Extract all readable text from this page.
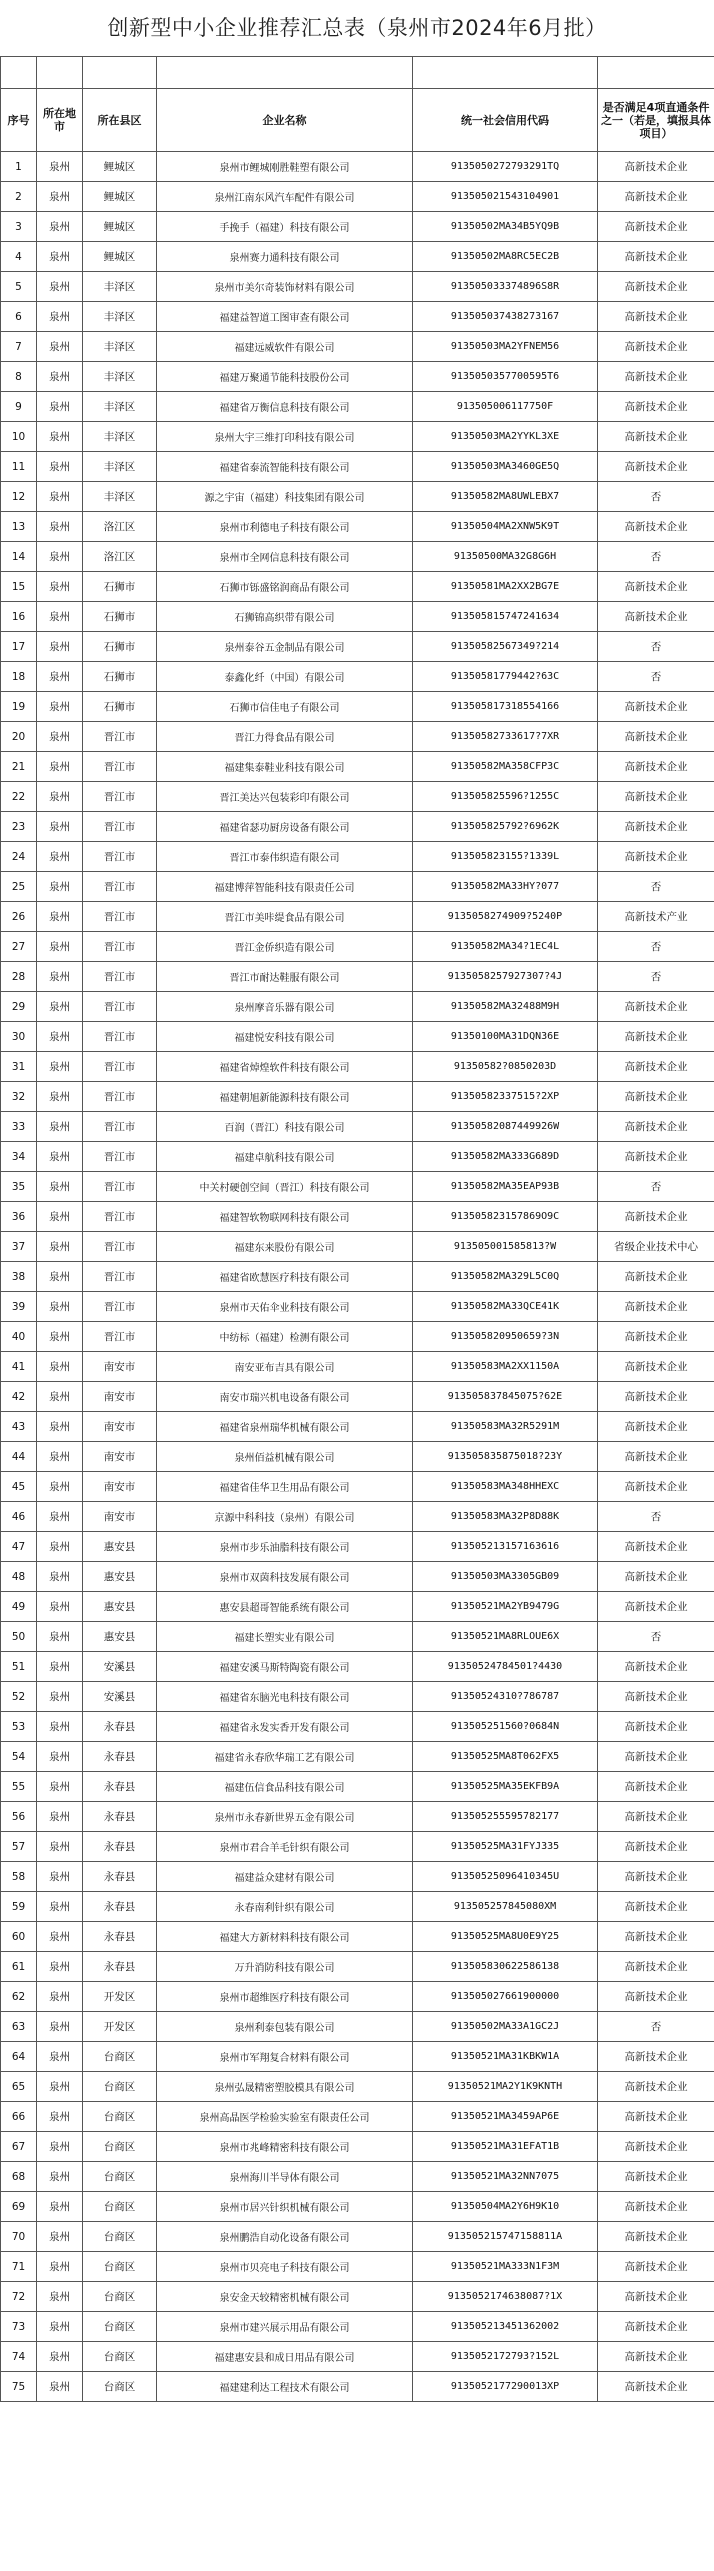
创新型中小企业推荐汇总表（泉州市2024年6月批）

序号	所在地市	所在县区	企业名称	统一社会信用代码	是否满足4项直通条件之一（若是，填报具体项目）
1	泉州	鲤城区	泉州市鲤城刚胜鞋塑有限公司	9135050272793291TQ	高新技术企业
2	泉州	鲤城区	泉州江南东风汽车配件有限公司	913505021543104901	高新技术企业
3	泉州	鲤城区	手挽手（福建）科技有限公司	91350502MA34B5YQ9B	高新技术企业
4	泉州	鲤城区	泉州赛力通科技有限公司	91350502MA8RC5EC2B	高新技术企业
5	泉州	丰泽区	泉州市美尔奇装饰材料有限公司	913505033374896S8R	高新技术企业
6	泉州	丰泽区	福建益智道工图审查有限公司	913505037438273167	高新技术企业
7	泉州	丰泽区	福建远威软件有限公司	91350503MA2YFNEM56	高新技术企业
8	泉州	丰泽区	福建万聚通节能科技股份公司	9135050357700595T6	高新技术企业
9	泉州	丰泽区	福建省万衡信息科技有限公司	913505006117750F	高新技术企业
10	泉州	丰泽区	泉州大宇三维打印科技有限公司	91350503MA2YYKL3XE	高新技术企业
11	泉州	丰泽区	福建省泰流智能科技有限公司	91350503MA3460GE5Q	高新技术企业
12	泉州	丰泽区	源之宇宙（福建）科技集团有限公司	91350582MA8UWLEBX7	否
13	泉州	洛江区	泉州市利德电子科技有限公司	91350504MA2XNW5K9T	高新技术企业
14	泉州	洛江区	泉州市全网信息科技有限公司	91350500MA32G8G6H	否
15	泉州	石狮市	石狮市铄盛铭润商品有限公司	91350581MA2XX2BG7E	高新技术企业
16	泉州	石狮市	石狮锦高织带有限公司	913505815747241634	高新技术企业
17	泉州	石狮市	泉州泰谷五金制品有限公司	91350582567349?214	否
18	泉州	石狮市	泰鑫化纤（中国）有限公司	91350581779442?63C	否
19	泉州	石狮市	石狮市信佳电子有限公司	913505817318554166	高新技术企业
20	泉州	晋江市	晋江力得食品有限公司	91350582733617?7XR	高新技术企业
21	泉州	晋江市	福建集泰鞋业科技有限公司	91350582MA358CFP3C	高新技术企业
22	泉州	晋江市	晋江美达兴包装彩印有限公司	913505825596?1255C	高新技术企业
23	泉州	晋江市	福建省瑟功厨房设备有限公司	913505825792?6962K	高新技术企业
24	泉州	晋江市	晋江市泰伟织造有限公司	913505823155?1339L	高新技术企业
25	泉州	晋江市	福建博萍智能科技有限责任公司	91350582MA33HY?077	否
26	泉州	晋江市	晋江市美咔缇食品有限公司	9135058274909?5240P	高新技术产业
27	泉州	晋江市	晋江金侨织造有限公司	91350582MA34?1EC4L	否
28	泉州	晋江市	晋江市耐达鞋服有限公司	9135058257927307?4J	否
29	泉州	晋江市	泉州摩音乐器有限公司	91350582MA32488M9H	高新技术企业
30	泉州	晋江市	福建悦安科技有限公司	91350100MA31DQN36E	高新技术企业
31	泉州	晋江市	福建省焯煌软件科技有限公司	91350582?0850203D	高新技术企业
32	泉州	晋江市	福建朝旭新能源科技有限公司	91350582337515?2XP	高新技术企业
33	泉州	晋江市	百润（晋江）科技有限公司	91350582087449926W	高新技术企业
34	泉州	晋江市	福建卓航科技有限公司	91350582MA333G689D	高新技术企业
35	泉州	晋江市	中关村硬创空间（晋江）科技有限公司	91350582MA35EAP93B	否
36	泉州	晋江市	福建智软物联网科技有限公司	913505823157869O9C	高新技术企业
37	泉州	晋江市	福建东来股份有限公司	913505001585813?W	省级企业技术中心
38	泉州	晋江市	福建省欧慧医疗科技有限公司	91350582MA329L5C0Q	高新技术企业
39	泉州	晋江市	泉州市天佑伞业科技有限公司	91350582MA33QCE41K	高新技术企业
40	泉州	晋江市	中纺标（福建）检测有限公司	913505820950659?3N	高新技术企业
41	泉州	南安市	南安亚布吉具有限公司	91350583MA2XX1150A	高新技术企业
42	泉州	南安市	南安市瑞兴机电设备有限公司	913505837845075?62E	高新技术企业
43	泉州	南安市	福建省泉州瑞华机械有限公司	91350583MA32R5291M	高新技术企业
44	泉州	南安市	泉州佰益机械有限公司	913505835875018?23Y	高新技术企业
45	泉州	南安市	福建省佳华卫生用品有限公司	91350583MA348HHEXC	高新技术企业
46	泉州	南安市	京源中科科技（泉州）有限公司	91350583MA32P8D88K	否
47	泉州	惠安县	泉州市步乐油脂科技有限公司	913505213157163616	高新技术企业
48	泉州	惠安县	泉州市双茵科技发展有限公司	91350503MA3305GB09	高新技术企业
49	泉州	惠安县	惠安县超哥智能系统有限公司	91350521MA2YB9479G	高新技术企业
50	泉州	惠安县	福建长塑实业有限公司	91350521MA8RLOUE6X	否
51	泉州	安溪县	福建安溪马斯特陶瓷有限公司	91350524784501?4430	高新技术企业
52	泉州	安溪县	福建省东脑光电科技有限公司	91350524310?786787	高新技术企业
53	泉州	永春县	福建省永发实香开发有限公司	913505251560?0684N	高新技术企业
54	泉州	永春县	福建省永春欣华瑞工艺有限公司	91350525MA8T062FX5	高新技术企业
55	泉州	永春县	福建伍信食品科技有限公司	91350525MA35EKFB9A	高新技术企业
56	泉州	永春县	泉州市永春新世界五金有限公司	913505255595782177	高新技术企业
57	泉州	永春县	泉州市君合羊毛针织有限公司	91350525MA31FYJ335	高新技术企业
58	泉州	永春县	福建益众建材有限公司	91350525096410345U	高新技术企业
59	泉州	永春县	永春南利针织有限公司	913505257845080XM	高新技术企业
60	泉州	永春县	福建大方新材料科技有限公司	91350525MA8U0E9Y25	高新技术企业
61	泉州	永春县	万升消防科技有限公司	913505830622586138	高新技术企业
62	泉州	开发区	泉州市超维医疗科技有限公司	913505027661900000	高新技术企业
63	泉州	开发区	泉州利泰包装有限公司	91350502MA33A1GC2J	否
64	泉州	台商区	泉州市军翔复合材料有限公司	91350521MA31KBKW1A	高新技术企业
65	泉州	台商区	泉州弘晟精密塑胶模具有限公司	91350521MA2Y1K9KNTH	高新技术企业
66	泉州	台商区	泉州高晶医学检验实验室有限责任公司	91350521MA3459AP6E	高新技术企业
67	泉州	台商区	泉州市兆峰精密科技有限公司	91350521MA31EFAT1B	高新技术企业
68	泉州	台商区	泉州海川半导体有限公司	91350521MA32NN7075	高新技术企业
69	泉州	台商区	泉州市居兴针织机械有限公司	91350504MA2Y6H9K10	高新技术企业
70	泉州	台商区	泉州鹏浩自动化设备有限公司	913505215747158811A	高新技术企业
71	泉州	台商区	泉州市贝亮电子科技有限公司	91350521MA333N1F3M	高新技术企业
72	泉州	台商区	泉安金天较精密机械有限公司	9135052174638087?1X	高新技术企业
73	泉州	台商区	泉州市建兴展示用品有限公司	913505213451362002	高新技术企业
74	泉州	台商区	福建惠安县和成日用品有限公司	9135052172793?152L	高新技术企业
75	泉州	台商区	福建建利达工程技术有限公司	9135052177290013XP	高新技术企业
